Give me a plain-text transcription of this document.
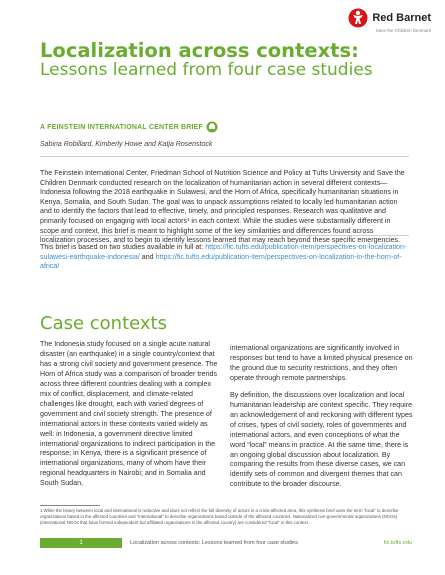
Red Barnet
Save the Children Denmark
Localization across contexts:
Lessons learned from four case studies
A FEINSTEIN INTERNATIONAL CENTER BRIEF
Sabina Robillard, Kimberly Howe and Katja Rosenstock

The Feinstein International Center, Friedman School of Nutrition Science and Policy at Tufts University and Save the Children Denmark conducted research on the localization of humanitarian action in several different contexts—Indonesia following the 2018 earthquake in Sulawesi, and the Horn of Africa, specifically humanitarian situations in Kenya, Somalia, and South Sudan. The goal was to unpack assumptions related to locally led humanitarian action and to identify the factors that lead to effective, timely, and principled responses. Research was qualitative and primarily focused on engaging with local actors¹ in each context. While the studies were substantially different in scope and context, this brief is meant to highlight some of the key similarities and differences found across localization processes, and to begin to identify lessons learned that may reach beyond these specific emergencies.

This brief is based on two studies available in full at: https://fic.tufts.edu/publication-item/perspectives-on-localization-sulawesi-earthquake-indonesia/ and https://fic.tufts.edu/publication-item/perspectives-on-localization-in-the-horn-of-africa/

Case contexts

The Indonesia study focused on a single acute natural disaster (an earthquake) in a single country/context that has a strong civil society and government presence. The Horn of Africa study was a comparison of broader trends across three different countries dealing with a complex mix of conflict, displacement, and climate-related challenges like drought, each with varied degrees of government and civil society strength. The presence of international actors in these contexts varied widely as well: in Indonesia, a government directive limited international organizations to indirect participation in the response; in Kenya, there is a significant presence of international organizations, many of whom have their regional headquarters in Nairobi; and in Somalia and South Sudan,

international organizations are significantly involved in responses but tend to have a limited physical presence on the ground due to security restrictions, and they often operate through remote partnerships.

By definition, the discussions over localization and local humanitarian leadership are context specific. They require an acknowledgement of and reckoning with different types of crises, types of civil society, roles of governments and international actors, and even conceptions of what the word “local” means in practice. At the same time, there is an ongoing global discussion about localization. By comparing the results from these diverse cases, we can identify sets of common and divergent themes that can contribute to the broader discourse.

1 While the binary between local and international is reductive and does not reflect the full diversity of actors in a crisis-affected area, this synthesis brief uses the term “local” to describe organizations based in the affected countries and “international” to describe organizations based outside of the affected countries. Nationalized non-governmental organizations (NGOs) (international NGOs that have formed independent but affiliated organizations in the affected country) are considered “local” in this context.

1	Localization across contexts: Lessons learned from four case studies	fic.tufts.edu
